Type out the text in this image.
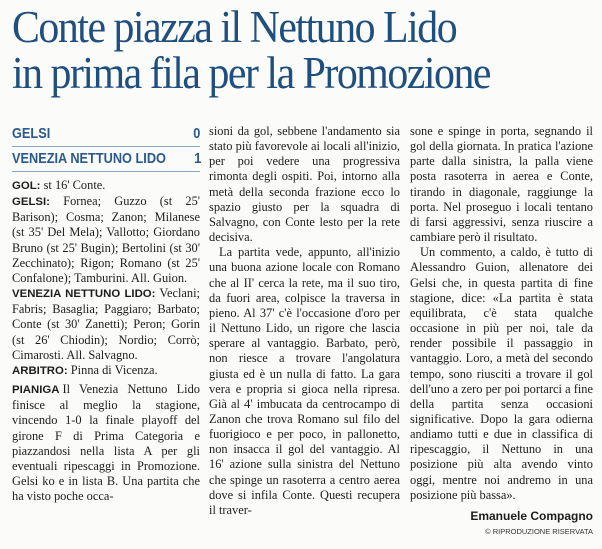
Conte piazza il Nettuno Lido
in prima fila per la Promozione
GELSI	0
VENEZIA NETTUNO LIDO 1

GOL: st 16' Conte.

GELSI: Fornea; Guzzo (st 25' Barison); Cosma; Zanon; Milanese (st 35' Del Mela); Vallotto; Giordano Bruno (st 25' Bugin); Bertolini (st 30' Zecchinato); Rigon; Romano (st 25' Confalone); Tamburini. All. Guion.

VENEZIA NETTUNO LIDO: Veclani; Fabris; Basaglia; Paggiaro; Barbato; Conte (st 30' Zanetti); Peron; Gorin (st 26' Chiodin); Nordio; Corrò; Cimarosti. All. Salvagno.

ARBITRO: Pinna di Vicenza.

PIANIGA Il Venezia Nettuno Lido finisce al meglio la stagione, vincendo 1-0 la finale playoff del girone F di Prima Categoria e piazzandosi nella lista A per gli eventuali ripescaggi in Promozione. Gelsi ko e in lista B. Una partita che ha visto poche occa-

sioni da gol, sebbene l'andamento sia stato più favorevole ai locali all'inizio, per poi vedere una progressiva rimonta degli ospiti. Poi, intorno alla metà della seconda frazione ecco lo spazio giusto per la squadra di Salvagno, con Conte lesto per la rete decisiva.

La partita vede, appunto, all'inizio una buona azione locale con Romano che al II' cerca la rete, ma il suo tiro, da fuori area, colpisce la traversa in pieno. Al 37' c'è l'occasione d'oro per il Nettuno Lido, un rigore che lascia sperare al vantaggio. Barbato, però, non riesce a trovare l'angolatura giusta ed è un nulla di fatto. La gara vera e propria si gioca nella ripresa. Già al 4' imbucata da centrocampo di Zanon che trova Romano sul filo del fuorigioco e per poco, in pallonetto, non insacca il gol del vantaggio. Al 16' azione sulla sinistra del Nettuno che spinge un rasoterra a centro aerea dove si infila Conte. Questi recupera il traver-

sone e spinge in porta, segnando il gol della giornata. In pratica l'azione parte dalla sinistra, la palla viene posta rasoterra in aerea e Conte, tirando in diagonale, raggiunge la porta. Nel proseguo i locali tentano di farsi aggressivi, senza riuscire a cambiare però il risultato.

Un commento, a caldo, è tutto di Alessandro Guion, allenatore dei Gelsi che, in questa partita di fine stagione, dice: «La partita è stata equilibrata, c'è stata qualche occasione in più per noi, tale da render possibile il passaggio in vantaggio. Loro, a metà del secondo tempo, sono riusciti a trovare il gol dell'uno a zero per poi portarci a fine della partita senza occasioni significative. Dopo la gara odierna andiamo tutti e due in classifica di ripescaggio, il Nettuno in una posizione più alta avendo vinto oggi, mentre noi andremo in una posizione più bassa».

Emanuele Compagno
© RIPRODUZIONE RISERVATA
